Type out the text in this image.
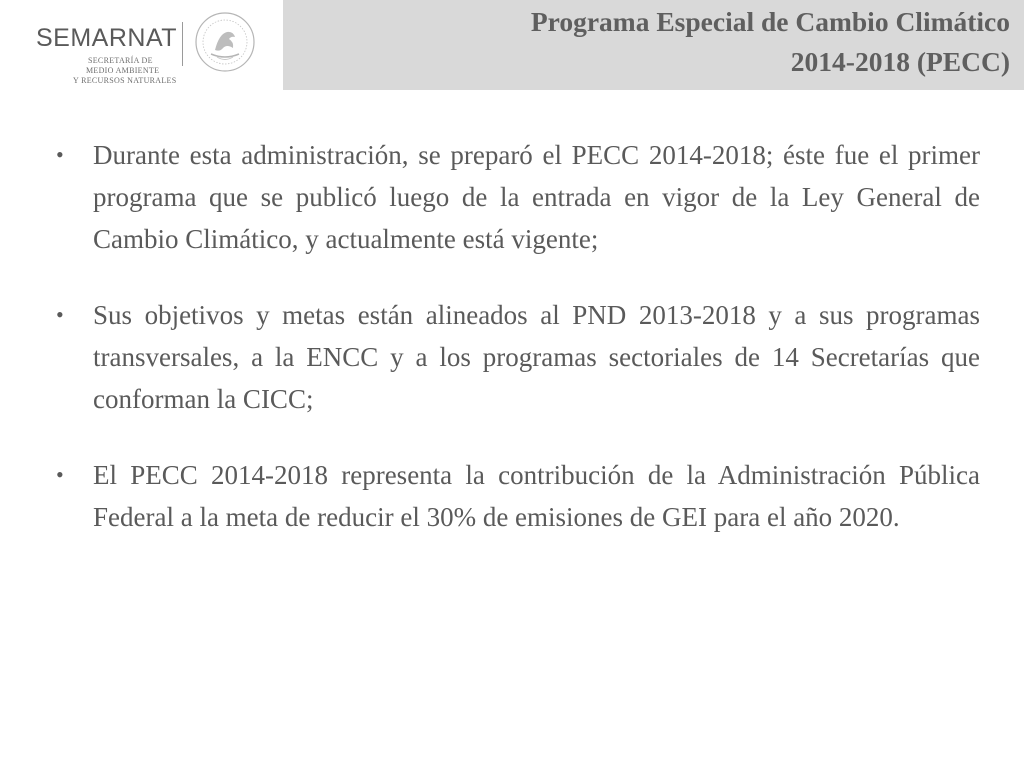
SEMARNAT
SECRETARÍA DE
MEDIO AMBIENTE
Y RECURSOS NATURALES
Programa Especial de Cambio Climático
2014-2018 (PECC)
• Durante esta administración, se preparó el PECC 2014-2018; éste fue el primer programa que se publicó luego de la entrada en vigor de la Ley General de Cambio Climático, y actualmente está vigente;
• Sus objetivos y metas están alineados al PND 2013-2018 y a sus programas transversales, a la ENCC y a los programas sectoriales de 14 Secretarías que conforman la CICC;
• El PECC 2014-2018 representa la contribución de la Administración Pública Federal a la meta de reducir el 30% de emisiones de GEI para el año 2020.
